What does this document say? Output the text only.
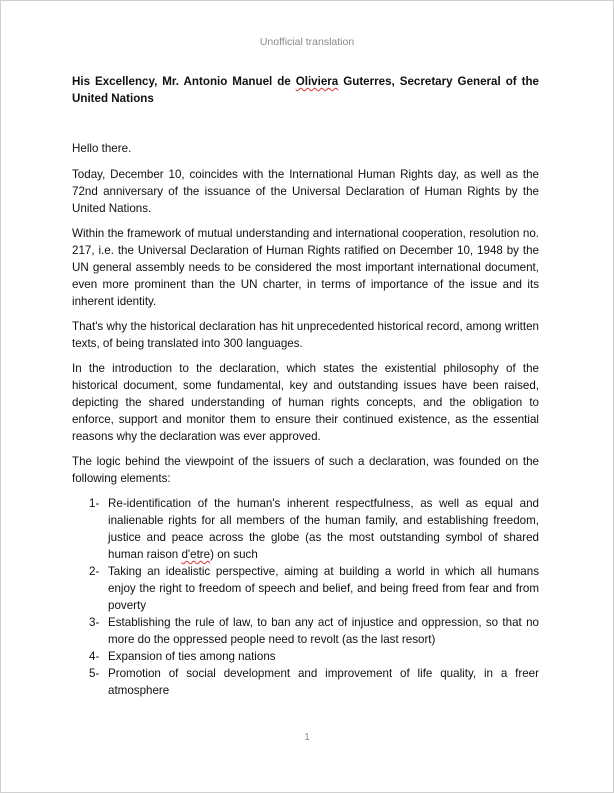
Unofficial translation

His Excellency, Mr. Antonio Manuel de Oliviera Guterres, Secretary General of the United Nations

Hello there.

Today, December 10, coincides with the International Human Rights day, as well as the 72nd anniversary of the issuance of the Universal Declaration of Human Rights by the United Nations.

Within the framework of mutual understanding and international cooperation, resolution no. 217, i.e. the Universal Declaration of Human Rights ratified on December 10, 1948 by the UN general assembly needs to be considered the most important international document, even more prominent than the UN charter, in terms of importance of the issue and its inherent identity.

That's why the historical declaration has hit unprecedented historical record, among written texts, of being translated into 300 languages.

In the introduction to the declaration, which states the existential philosophy of the historical document, some fundamental, key and outstanding issues have been raised, depicting the shared understanding of human rights concepts, and the obligation to enforce, support and monitor them to ensure their continued existence, as the essential reasons why the declaration was ever approved.

The logic behind the viewpoint of the issuers of such a declaration, was founded on the following elements:

1- Re-identification of the human's inherent respectfulness, as well as equal and inalienable rights for all members of the human family, and establishing freedom, justice and peace across the globe (as the most outstanding symbol of shared human raison d'etre) on such
2- Taking an idealistic perspective, aiming at building a world in which all humans enjoy the right to freedom of speech and belief, and being freed from fear and from poverty
3- Establishing the rule of law, to ban any act of injustice and oppression, so that no more do the oppressed people need to revolt (as the last resort)
4- Expansion of ties among nations
5- Promotion of social development and improvement of life quality, in a freer atmosphere
1
